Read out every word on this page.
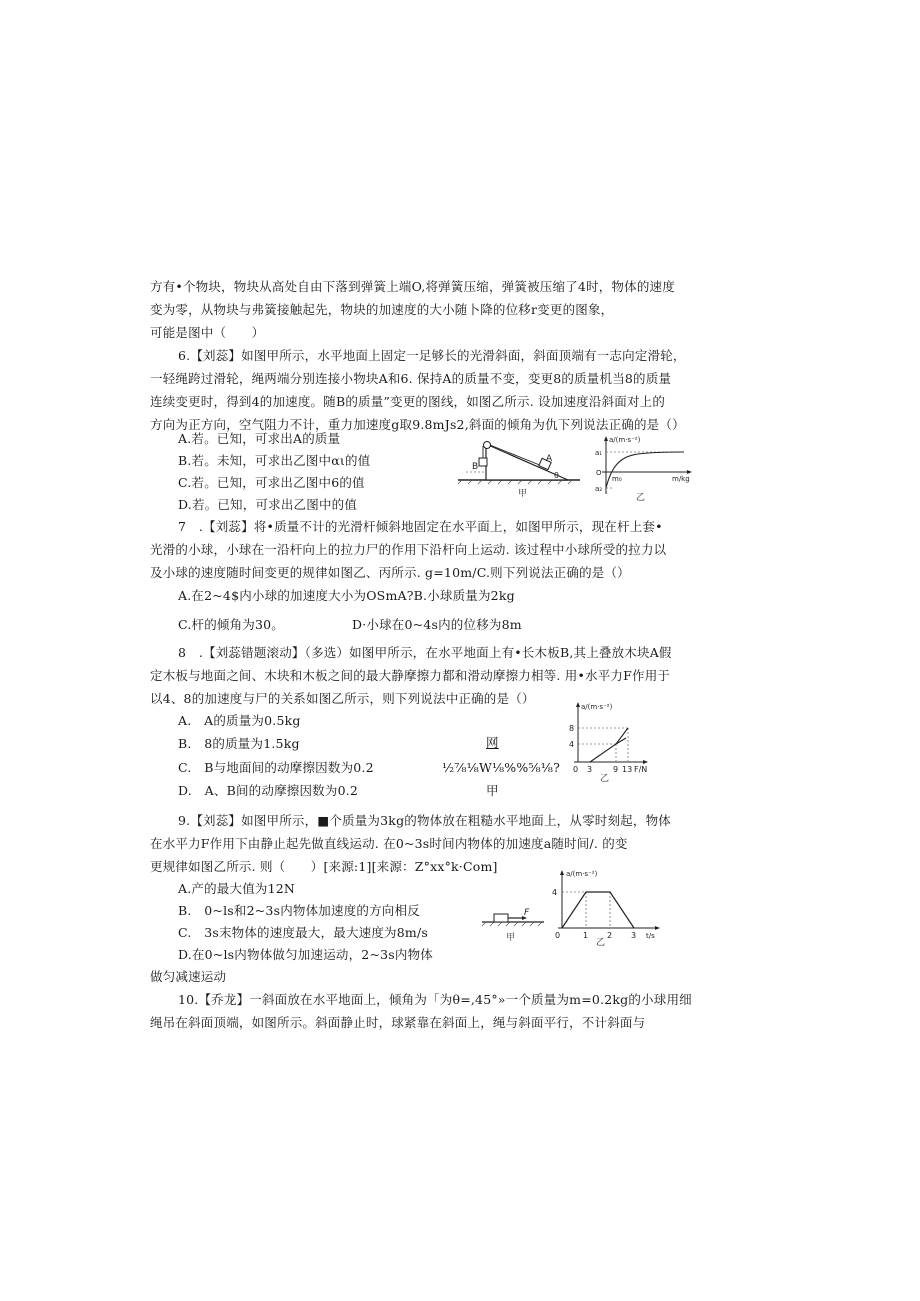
方有•个物块，物块从高处自由下落到弹簧上端O,将弹簧压缩，弹簧被压缩了4时，物体的速度
变为零，从物块与弗簧接触起先，物块的加速度的大小随卜降的位移r变更的图象，
可能是图中（　　）
6.【刘蕊】如图甲所示，水平地面上固定一足够长的光滑斜面，斜面顶端有一志向定滑轮，
一轻绳跨过滑轮，绳两端分别连接小物块A和6. 保持A的质量不变，变更8的质量机当8的质量
连续变更时，得到4的加速度。随B的质量”变更的图线，如图乙所示. 设加速度沿斜面对上的
方向为正方向，空气阻力不计，重力加速度g取9.8mJs2,斜面的倾角为仇下列说法正确的是（）
A.若。已知，可求出A的质量
B.若。未知，可求出乙图中αι的值
C.若。已知，可求出乙图中6的值
D.若。已知，可求出乙图中的值
B
A
θ
甲
a/(m·s⁻²)
a₁
O
a₂
m₀	m/kg
乙
7　.【刘蕊】将•质量不计的光滑杆倾斜地固定在水平面上，如图甲所示，现在杆上套•
光滑的小球，小球在一沿杆向上的拉力尸的作用下沿杆向上运动. 该过程中小球所受的拉力以
及小球的速度随时间变更的规律如图乙、丙所示. g=10m∕C.则下列说法正确的是（）
A.在2~4$内小球的加速度大小为OSmA?B.小球质量为2kg
C.杆的倾角为30。	D·小球在0~4s内的位移为8m
8　.【刘蕊错题滚动】（多选）如图甲所示，在水平地面上有•长木板B,其上叠放木块A假
定木板与地面之间、木块和木板之间的最大静摩擦力都和滑动摩擦力相等. 用•水平力F作用于
以4、8的加速度与尸的关系如图乙所示，则下列说法中正确的是（）
A.　A的质量为0.5kg
B.　8的质量为1.5kg
C.　B与地面间的动摩擦因数为0.2
D.　A、B间的动摩擦因数为0.2
网
½⅞⅛W⅛%%⅝⅛?
甲
a/(m·s⁻²)
8
4
0 3	9 13 F/N
乙
9.【刘蕊】如图甲所示，■个质量为3kg的物体放在粗糙水平地面上，从零时刻起，物体
在水平力F作用下由静止起先做直线运动. 在0~3s时间内物体的加速度a随时间/. 的变
更规律如图乙所示. 则（　　）[来源:1][来源：Z°xx°k·Com]
A.产的最大值为12N
B.　0~ls和2~3s内物体加速度的方向相反
C.　3s末物体的速度最大，最大速度为8m∕s
D.在0~ls内物体做匀加速运动，2~3s内物体
做匀减速运动
F
甲
a/(m·s⁻²)
4
0	1 2 3 t/s
乙
10.【乔龙】一斜面放在水平地面上，倾角为「为θ=,45°»一个质量为m=0.2kg的小球用细
绳吊在斜面顶端，如图所示。斜面静止时，球紧靠在斜面上，绳与斜面平行，不计斜面与
